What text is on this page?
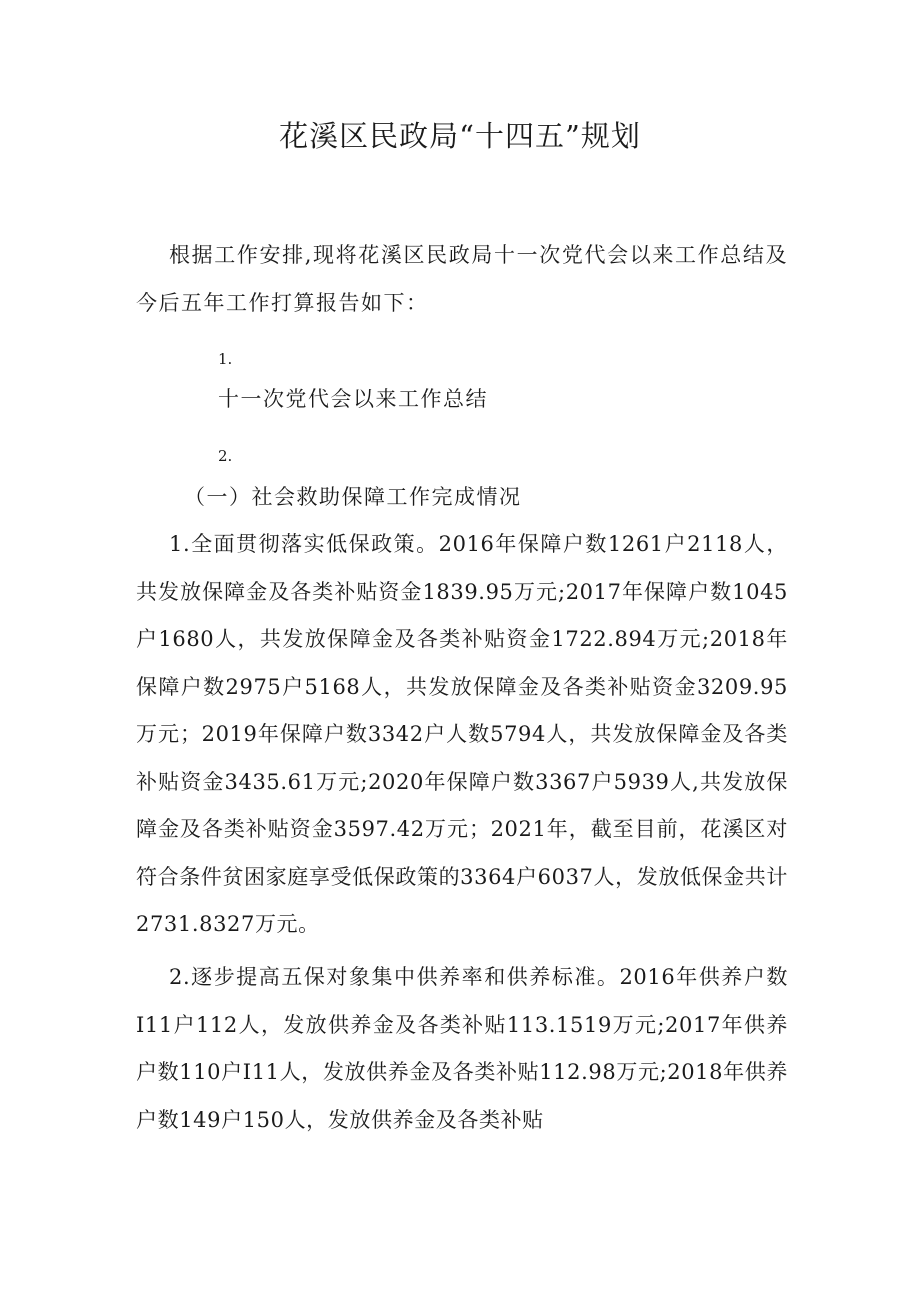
花溪区民政局“十四五”规划

根据工作安排,现将花溪区民政局十一次党代会以来工作总结及今后五年工作打算报告如下：

1.

十一次党代会以来工作总结

2.

（一）社会救助保障工作完成情况

1.全面贯彻落实低保政策。2016年保障户数1261户2118人，共发放保障金及各类补贴资金1839.95万元;2017年保障户数1045户1680人，共发放保障金及各类补贴资金1722.894万元;2018年保障户数2975户5168人，共发放保障金及各类补贴资金3209.95万元；2019年保障户数3342户人数5794人，共发放保障金及各类补贴资金3435.61万元;2020年保障户数3367户5939人,共发放保障金及各类补贴资金3597.42万元；2021年，截至目前，花溪区对符合条件贫困家庭享受低保政策的3364户6037人，发放低保金共计2731.8327万元。

2.逐步提高五保对象集中供养率和供养标准。2016年供养户数I11户112人，发放供养金及各类补贴113.1519万元;2017年供养户数110户I11人，发放供养金及各类补贴112.98万元;2018年供养户数149户150人，发放供养金及各类补贴
